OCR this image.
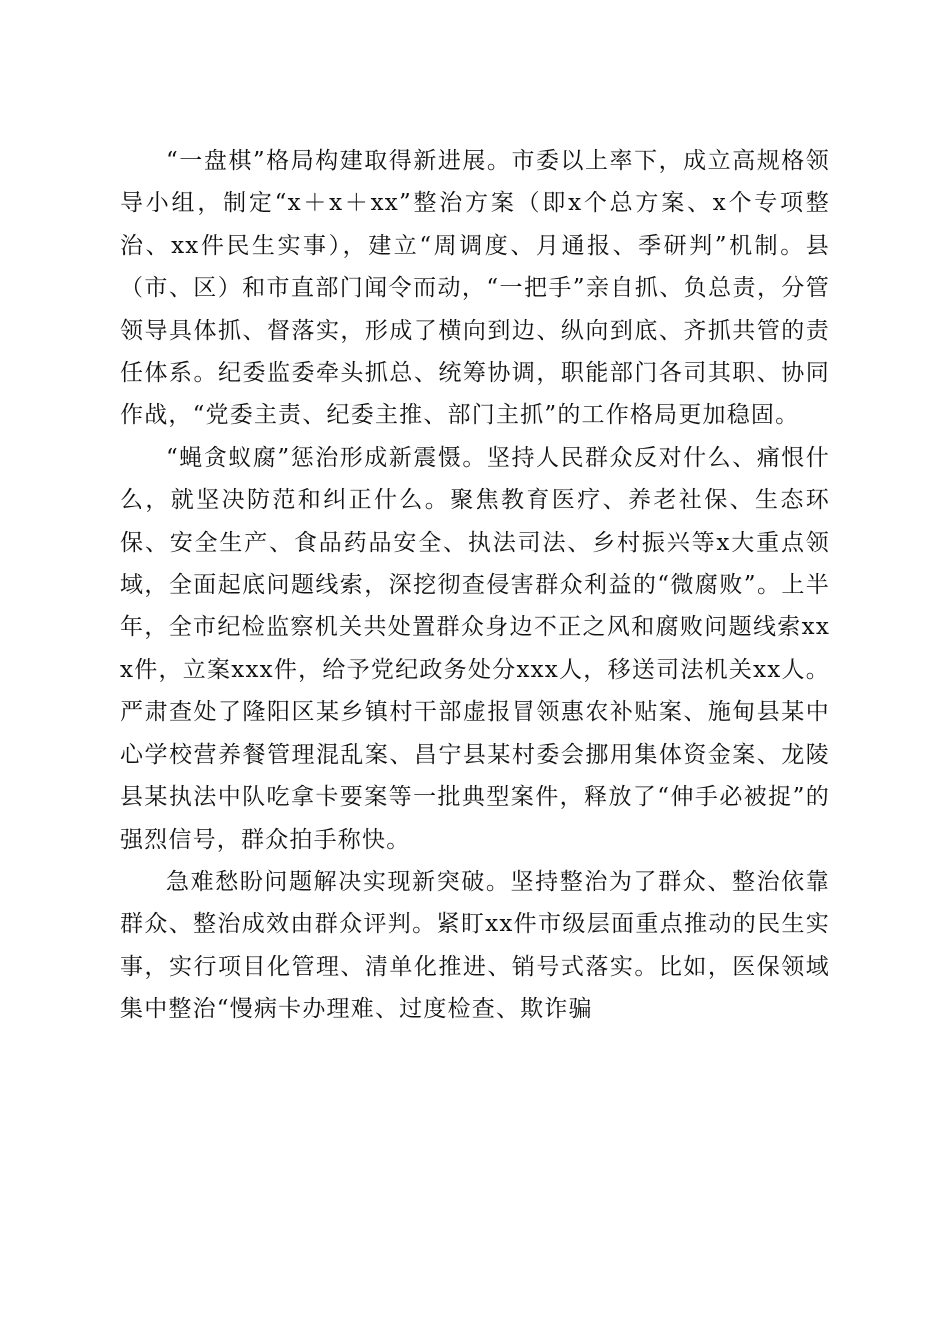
“一盘棋”格局构建取得新进展。市委以上率下，成立高规格领导小组，制定“x＋x＋xx”整治方案（即x个总方案、x个专项整治、xx件民生实事），建立“周调度、月通报、季研判”机制。县（市、区）和市直部门闻令而动，“一把手”亲自抓、负总责，分管领导具体抓、督落实，形成了横向到边、纵向到底、齐抓共管的责任体系。纪委监委牵头抓总、统筹协调，职能部门各司其职、协同作战，“党委主责、纪委主推、部门主抓”的工作格局更加稳固。

“蝇贪蚁腐”惩治形成新震慑。坚持人民群众反对什么、痛恨什么，就坚决防范和纠正什么。聚焦教育医疗、养老社保、生态环保、安全生产、食品药品安全、执法司法、乡村振兴等x大重点领域，全面起底问题线索，深挖彻查侵害群众利益的“微腐败”。上半年，全市纪检监察机关共处置群众身边不正之风和腐败问题线索xxx件，立案xxx件，给予党纪政务处分xxx人，移送司法机关xx人。严肃查处了隆阳区某乡镇村干部虚报冒领惠农补贴案、施甸县某中心学校营养餐管理混乱案、昌宁县某村委会挪用集体资金案、龙陵县某执法中队吃拿卡要案等一批典型案件，释放了“伸手必被捉”的强烈信号，群众拍手称快。

急难愁盼问题解决实现新突破。坚持整治为了群众、整治依靠群众、整治成效由群众评判。紧盯xx件市级层面重点推动的民生实事，实行项目化管理、清单化推进、销号式落实。比如，医保领域集中整治“慢病卡办理难、过度检查、欺诈骗
